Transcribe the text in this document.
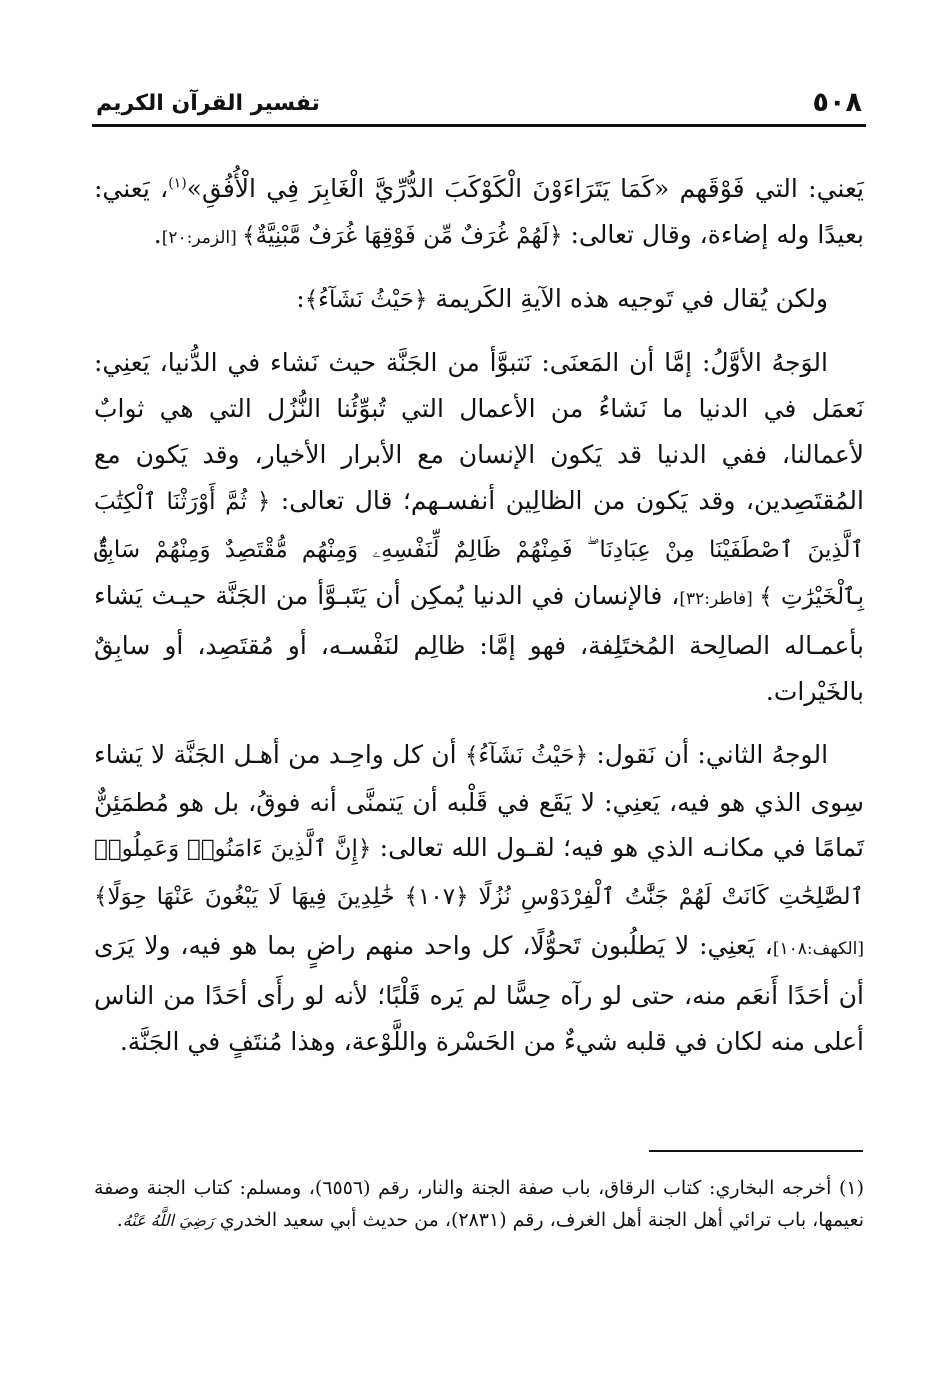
٥٠٨
تفسير القرآن الكريم

يَعني: التي فَوْقَهم «كَمَا يَتَرَاءَوْنَ الْكَوْكَبَ الدُّرِّيَّ الْغَابِرَ فِي الْأُفُقِ»$^{(١)}$، يَعني: بعيدًا وله إضاءة، وقال تعالى: ﴿لَهُمْ غُرَفٌ مِّن فَوْقِهَا غُرَفٌ مَّبْنِيَّةٌ﴾ [الزمر:٢٠].

ولكن يُقال في تَوجيه هذه الآيةِ الكَريمة ﴿حَيْثُ نَشَآءُ﴾:

الوَجهُ الأوَّلُ: إمَّا أن المَعنَى: نَتبوَّأ من الجَنَّة حيث نَشاء في الدُّنيا، يَعنِي: نَعمَل في الدنيا ما نَشاءُ من الأعمال التي تُبوِّئُنا النُّزُل التي هي ثوابٌ لأعمالنا، ففي الدنيا قد يَكون الإنسان مع الأبرار الأخيار، وقد يَكون مع المُقتَصِدين، وقد يَكون من الظالِين أنفسـهم؛ قال تعالى: ﴿ ثُمَّ أَوْرَثْنَا ٱلْكِتَٰبَ ٱلَّذِينَ ٱصْطَفَيْنَا مِنْ عِبَادِنَا ۖ فَمِنْهُمْ ظَالِمٌ لِّنَفْسِهِۦ وَمِنْهُم مُّقْتَصِدٌ وَمِنْهُمْ سَابِقٌۢ بِٱلْخَيْرَٰتِ ﴾ [فاطر:٣٢]، فالإنسان في الدنيا يُمكِن أن يَتَبـوَّأ من الجَنَّة حيـث يَشاء بأعمـاله الصالِحة المُختَلِفة، فهو إمَّا: ظالِم لنَفْسـه، أو مُقتَصِد، أو سابِقٌ بالخَيْرات.

الوجهُ الثاني: أن نَقول: ﴿حَيْثُ نَشَآءُ﴾ أن كل واحِـد من أهـل الجَنَّة لا يَشاء سِوى الذي هو فيه، يَعنِي: لا يَقَع في قَلْبه أن يَتمنَّى أنه فوقُ، بل هو مُطمَئِنٌّ تَمامًا في مكانـه الذي هو فيه؛ لقـول الله تعالى: ﴿إِنَّ ٱلَّذِينَ ءَامَنُوا۟ وَعَمِلُوا۟ ٱلصَّٰلِحَٰتِ كَانَتْ لَهُمْ جَنَّٰتُ ٱلْفِرْدَوْسِ نُزُلًا ﴿١٠٧﴾ خَٰلِدِينَ فِيهَا لَا يَبْغُونَ عَنْهَا حِوَلًا﴾ [الكهف:١٠٨]، يَعنِي: لا يَطلُبون تَحوُّلًا، كل واحد منهم راضٍ بما هو فيه، ولا يَرَى أن أحَدًا أَنعَم منه، حتى لو رآه حِسًّا لم يَره قَلْبًا؛ لأنه لو رأَى أحَدًا من الناس أعلى منه لكان في قلبه شيءٌ من الحَسْرة واللَّوْعة، وهذا مُنتَفٍ في الجَنَّة.

(١) أخرجه البخاري: كتاب الرقاق، باب صفة الجنة والنار، رقم (٦٥٥٦)، ومسلم: كتاب الجنة وصفة نعيمها، باب ترائي أهل الجنة أهل الغرف، رقم (٢٨٣١)، من حديث أبي سعيد الخدري رَضِيَ اللَّهُ عَنْهُ.
